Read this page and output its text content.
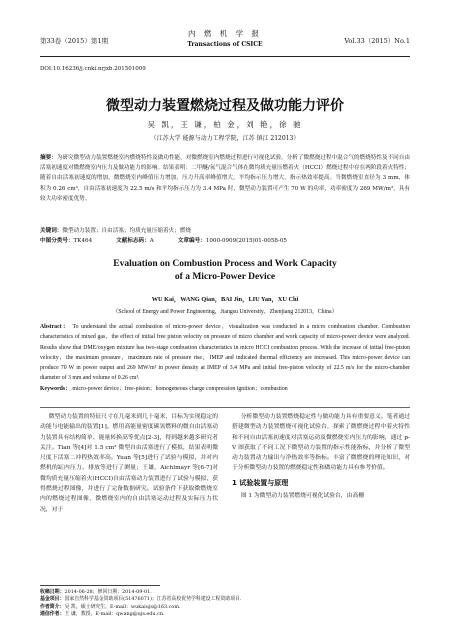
第33卷（2015）第1期
内 燃 机 学 报
Transactions of CSICE	Vol.33（2015）No.1
DOI:10.16236/j.cnki.nrjxb.201501009
微型动力装置燃烧过程及做功能力评价
吴 凯，王 谦，柏 金，刘 艳，徐 驰
（江苏大学 能源与动力工程学院，江苏 镇江 212013）
摘要：为研究微型动力装置燃烧室内燃烧特性及做功性能，对微燃烧室内燃烧过程进行可视化试验，分析了微燃烧过程中混合气的燃烧特性及不同自由活塞初速度对微燃烧室内压力及做功能力的影响。结果表明：二甲醚/氧气混合气体在微均质充量压燃着火（HCCI）燃烧过程中存在两阶段着火特性；随着自由活塞初速度的增加，微燃烧室内峰值压力增加，压力升高率峰值增大，平均指示压力增大，指示热效率提高。当微燃烧室直径为 3 mm，体积为 0.26 cm³，自由活塞初速度为 22.5 m/s 和平均指示压力为 3.4 MPa 时，微型动力装置可产生 70 W 的功率，功率密度为 269 MW/m³，具有较大功率密度优势。
关键词：微型动力装置；自由活塞；均质充量压缩着火；燃烧
中图分类号：TK464	文献标志码：A	文章编号：1000-0909(2015)01-0058-05
Evaluation on Combustion Process and Work Capacity
of a Micro-Power Device
WU Kai，WANG Qian，BAI Jin，LIU Yan，XU Chi
（School of Energy and Power Engineering，Jiangsu University，Zhenjiang 212013，China）
Abstract： To understand the actual combustion of micro-power device，visualization was conducted in a micro combustion chamber. Combustion characteristics of mixed gas，the effect of initial free piston velocity on pressure of micro chamber and work capacity of micro-power device were analyzed. Results show that DME/oxygen mixture has two-stage combustion characteristics in micro HCCI combustion process. With the increase of initial free-piston velocity，the maximum pressure，maximum rate of pressure rise，IMEP and indicated thermal efficiency are increased. This micro-power device can produce 70 W in power output and 269 MW/m³ in power density at IMEP of 3.4 MPa and initial free-piston velocity of 22.5 m/s for the micro-chamber diameter of 3 mm and volume of 0.26 cm³.
Keywords： micro-power device；free-piston；homogeneous charge compression ignition；combustion

微型动力装置的特征尺寸在几毫米到几十毫米，目标为实现稳定的动能与电能输出的装置[1]。燃用高能量密度碳氢燃料的微自由活塞动力装置具有结构简单、能量转换高等优点[2-3]，得到越来越多研究者关注。Tian 等[4]对 1.5 cm³ 微型自由活塞进行了模拟，结果表明微尺度下活塞二冲程热效率高。Yuan 等[5]进行了试验与模拟，并对内燃机的缸内压力、排放等进行了测量；王谦，Aichlmayr 等[6-7]对微均质充量压缩着火(HCCI)自由活塞动力装置进行了试验与模拟，获得燃烧过程图像，并进行了完备数据研究。试验条件下获取微燃烧室内的燃烧过程图像，微燃烧室内的自由活塞运动过程及实际压力状况，对于

分析微型动力装置燃烧稳定性与做功能力具有重要意义。笔者通过搭建微型动力装置燃烧可视化试验台，探索了微燃烧过程中着火特性和不同自由活塞初速度对活塞运动及微燃烧室内压力的影响，通过 p-V 图获取了不同工况下微型动力装置的指示性能指标，并分析了微型动力装置动力输出与净热效率等指标。丰富了微燃烧的理论知识，对于分析微型动力装置的燃烧稳定性和做功能力具有参考价值。

1 试验装置与原理

图 1 为微型动力装置燃烧可视化试验台，由高栅

收稿日期：2014-06-28；修回日期：2014-09-01.
基金项目：国家自然科学基金资助项目(51476071)；江苏省高校优势学科建设工程资助项目.
作者简介：吴 凯，硕士研究生，E-mail：wukaiujs@163.com.
通信作者：王 谦，教授，E-mail：qwang@ujs.edu.cn.
